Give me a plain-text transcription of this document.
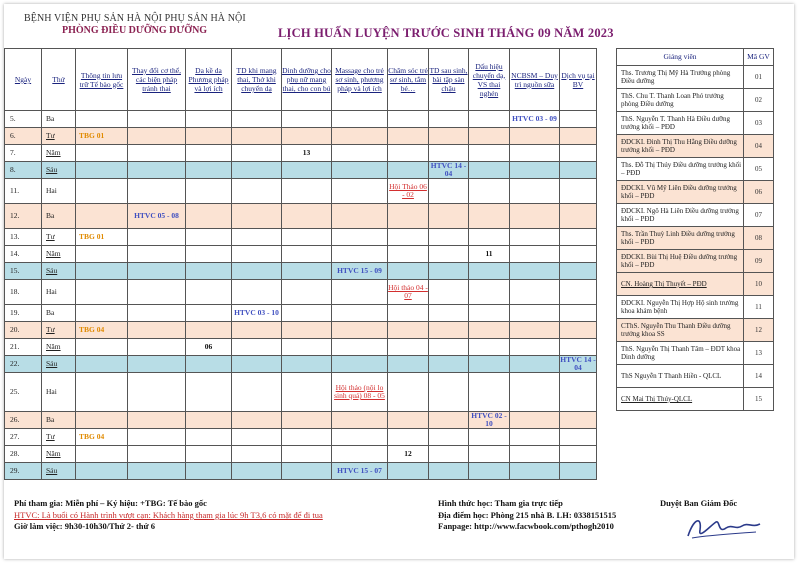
BỆNH VIỆN PHỤ SẢN HÀ NỘI PHỤ SẢN HÀ NỘI
PHÒNG ĐIỀU DƯỠNG DƯỠNG	LỊCH HUẤN LUYỆN TRƯỚC SINH THÁNG 09 NĂM 2023
Ngày	Thứ	Thông tin lưu trữ Tế bào gốc	Thay đổi cơ thể, các biện pháp tránh thai	Da kề da Phương pháp và lợi ích	TD khi mang thai, Thở khi chuyển dạ	Dinh dưỡng cho phụ nữ mang thai, cho con bú	Massage cho trẻ sơ sinh, phương pháp và lợi ích	Chăm sóc trẻ sơ sinh, tắm bé…	TD sau sinh, bài tập sàn chậu	Dấu hiệu chuyển dạ, VS thai nghén	NCBSM – Duy trì nguồn sữa	Dịch vụ tại BV
5.	Ba										HTVC 03 - 09	
6.	Tư	TBG 01										
7.	Năm					13						
8.	Sáu								HTVC 14 - 04			
11.	Hai							Hội Thảo 06 - 02				
12.	Ba		HTVC 05 - 08									
13.	Tư	TBG 01										
14.	Năm									11		
15.	Sáu						HTVC 15 - 09					
18.	Hai							Hội thảo 04 - 07				
19.	Ba				HTVC 03 - 10							
20.	Tư	TBG 04										
21.	Năm			06								
22.	Sáu											HTVC 14 - 04
25.	Hai						Hội thảo (nội lo sinh quá) 08 - 05					
26.	Ba									HTVC 02 - 10		
27.	Tư	TBG 04										
28.	Năm							12				
29.	Sáu						HTVC 15 - 07					
Giảng viên	Mã GV
Ths. Trương Thị Mỹ Hà Trưởng phòng Điều dưỡng	01
ThS. Chu T. Thanh Loan Phó trưởng phòng Điều dưỡng	02
ThS. Nguyễn T. Thanh Hà Điều dưỡng trưởng khối – PĐD	03
ĐDCKI. Đinh Thị Thu Hằng Điều dưỡng trưởng khối – PĐD	04
Ths. Đỗ Thị Thúy Điều dưỡng trưởng khối – PĐD	05
ĐDCKI. Vũ Mỹ Liên Điều dưỡng trưởng khối – PĐD	06
ĐDCKI. Ngô Hà Liên Điều dưỡng trưởng khối – PĐD	07
Ths. Trần Thuỳ Linh Điều dưỡng trưởng khối – PĐD	08
ĐDCKI. Bùi Thị Huệ Điều dưỡng trưởng khối – PĐD	09
CN. Hoàng Thị Thuyết – PĐD	10
ĐDCKI. Nguyễn Thị Hợp Hộ sinh trưởng khoa khám bệnh	11
CThS. Nguyễn Thu Thanh Điều dưỡng trưởng khoa SS	12
ThS. Nguyễn Thị Thanh Tâm – ĐDT khoa Dinh dưỡng	13
ThS Nguyễn T Thanh Hiền - QLCL	14
CN Mai Thị Thúy-QLCL	15
Phí tham gia: Miễn phí – Ký hiệu: +TBG: Tế bào gốc
HTVC: Là buổi có Hành trình vượt cạn: Khách hàng tham gia lúc 9h T3,6 có mặt để đi tua
Giờ làm việc: 9h30-10h30/Thứ 2- thứ 6
Hình thức học: Tham gia trực tiếp
Địa điểm học: Phòng 215 nhà B. LH: 0338151515
Fanpage: http://www.facwbook.com/pthogh2010
Duyệt Ban Giám Đốc
